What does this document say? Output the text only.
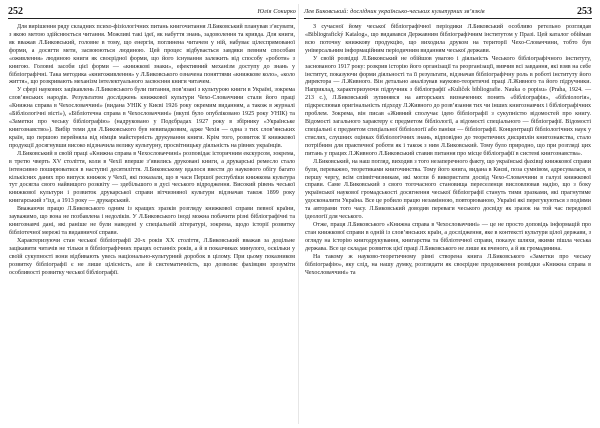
252	Юлія Сокирко

Для вирішення ряду складних психо-фізіологічних питань книгочитання Л.Биковський планував з’ясувати, з якою метою здійснюється читання. Можливі такі ідеї, як набуття знань, задоволення та кривда. Для книги, як вважав Л.Биковський, головне в тому, що енергія, поглинена читачем у ній, набуває цілеспрямованої форми, а досягти мети, засвоюються людиною. Цей процес відбувається завдяки певним способам «оживлення» людиною книги як своєрідної форми, що його існування залежить від способу «роботи» з книгою. Головні засоби цієї форми — «книжкові знаки», ефективний механізм доступу до знань у бібліографічні. Така методика «книгоживлення» у Л.Биковського означена поняттями «книжкове коло», «коло життя», що розкривають механізм інтелектуального засвоєння книги читачем.

У сфері наукових зацікавлень Л.Биковського були питання, пов’язані з культурою книги в Україні, зокрема слов’янських народів. Результатом досліджень книжкової культури Чехо-Словаччини стали його праці «Книжна справа в Чехословаччині» (видана УНІК у Києві 1926 року окремим виданням, а також в журналі «Бібліологічні вісті»), «Бібліотечна справа в Чехословаччині» (вкупі було опубліковано 1925 року УНІК) та «Заметки про чеську бібліографію» (надруковано у Подєбрадах 1927 року в збірнику «Українське книгознавство»). Вибір теми для Л.Биковського був невипадковим, адже Чехія — одна з тих слов’янських країн, що першою перейняла від німців майстерність друкування книги. Крім того, розвиток її книжкової продукції досягнувши високо відзначила велику культурну, просвітницьку діяльність на рівнях українців.

Л.Биковський в своїй праці «Книжна справа в Чехословаччині» розповідає історичним екскурсом, зокрема, в третю чверть XV століття, коли в Чехії вперше з’явились друковані книги, а друкарські ремесло стало інтенсивно поширюватися в наступні десятиліття. Л.Биковському вдалося ввести до наукового обігу багато кількісних даних про випуск книжок у Чехії, які показали, що в часи Першої республіки книжкова культура тут досягла свого найвищого розквіту — здебільшого в дусі чеського відродження. Високий рівень чеської книжкової культури і розвиток друкарської справи вітчизняної культури відзначав також 1899 року книгарський з’їзд, а 1913 року — друкарський.

Вважаючи працю Л.Биковського одним із кращих зразків розгляду книжкової справи певної країни, зауважимо, що вона не позбавлена і недоліків. У Л.Биковського іноді можна побачити різні бібліографічні та книгознавчі дані, які раніше не були наведені у спеціальній літературі, зокрема, щодо історії розвитку бібліотечної мережі та видавничої справи.

Характеризуючи стан чеської бібліографії 20-х років XX століття, Л.Биковський вважав за доцільне зацікавити читачів не тільки в бібліографічних працях останніх років, а й в показчиках минулого, оскільки у своїй сукупності вони відбивають увесь національно-культурний доробок в цілому. При цьому показником розвитку бібліографії є не лише цілісність, але й систематичність, що дозволяє фахівцям зрозуміти особливості розвитку чеської бібліографії.

Лев Биковський: дослідник українсько-чеських культурних зв’язків	253

З сучасної йому чеської бібліографічної періодики Л.Биковський особливо ретельно розглядав «Bibliografický Katalog», що видавався Державним бібліографічним інститутом у Празі. Цей каталог обіймав всю поточну книжкову продукцію, що виходила друком на території Чехо-Словаччини, тобто був універсальним інформаційним періодичним виданням чеської держави.

У своїй розвідці Л.Биковський не обійшов увагою і діяльність Чеського бібліографічного інституту, заснованого 1917 року: розкрив історію його організації та реорганізації, вивчив всі завдання, які взяв на себе інститут, показуючи форми діяльності та її результати, відзначав бібліографічну роль в роботі інституту його директора — Л.Живного. Він детально аналізував науково-теоретичні праці Л.Живного та його підручники. Наприклад, характеризуючи підручник з бібліографії «Kuliček bibliografie. Nauka o popisu» (Praha, 1924. — 213 с.), Л.Биковський зупинявся на авторських визначеннях понять «бібліографія», «бібліологія», підкреслював оригінальність підходу Л.Живного до розв’язання тих чи інших книгознавчих і бібліографічних проблем. Зокрема, він писав «Живний сполучає ідею бібліографії з сукупністю відомостей про книгу. Відомості загального характеру є предметом бібліології, а відомості спеціального — бібліографії. Відомості спеціальні є предметом спеціальної бібліології або паніки — бібліографії. Концентрації бібліологічних наук у стислих, слушних оцінках бібліологічних знань, відповідно до теоретичних дисциплін книгознавства, стало потрібним для практичної роботи як і також з ним Л.Биковський. Тому було природно, що при розгляді цих питань у працях Л.Живного Л.Биковський ставив питання про місце бібліографії в системі книгознавства».

Л.Биковський, на наш погляд, виходив з того незаперечного факту, що українські фахівці книжкової справи були, переважно, теоретиками книгочинства. Тому його книга, видана в Києві, поза сумнівом, адресувалася, в першу чергу, всім співвітчизникам, які могли б використати досвід Чехо-Словаччини в галузі книжкової справи. Саме Л.Биковський з свого тогочасного становища переселенця висловлював надію, що з боку української наукової громадськості досягнення чеської бібліографії стануть тими зразками, які прагнутиме удосконалити Україна. Все це робило працю незамінною, повторюваною, Україні які перегукуються з подіями та авторами того часу. Л.Биковський доводив переваги чеського досвіду як зразок на той час передової ідеології для чеського.

Отже, праця Л.Биковського «Книжна справа в Чехословаччині» — це не просто доповідь інформацій про стан книжкової справи в одній із слов’янських країн, а дослідження, яке в контексті культури цілої держави, з огляду на історію книгодрукування, книгарства та бібліотечної справи, показує шляхи, якими пішла чеська держава. Все це складає розвиток цієї праці Л.Биковського не лише як вченого, а й як громадянина.

На такому ж науково-теоретичному рівні створена книга Л.Биковського «Заметки про чеську бібліографію», яку слід, на нашу думку, розглядати як своєрідне продовження розвідки «Книжна справа в Чехословаччині» та
